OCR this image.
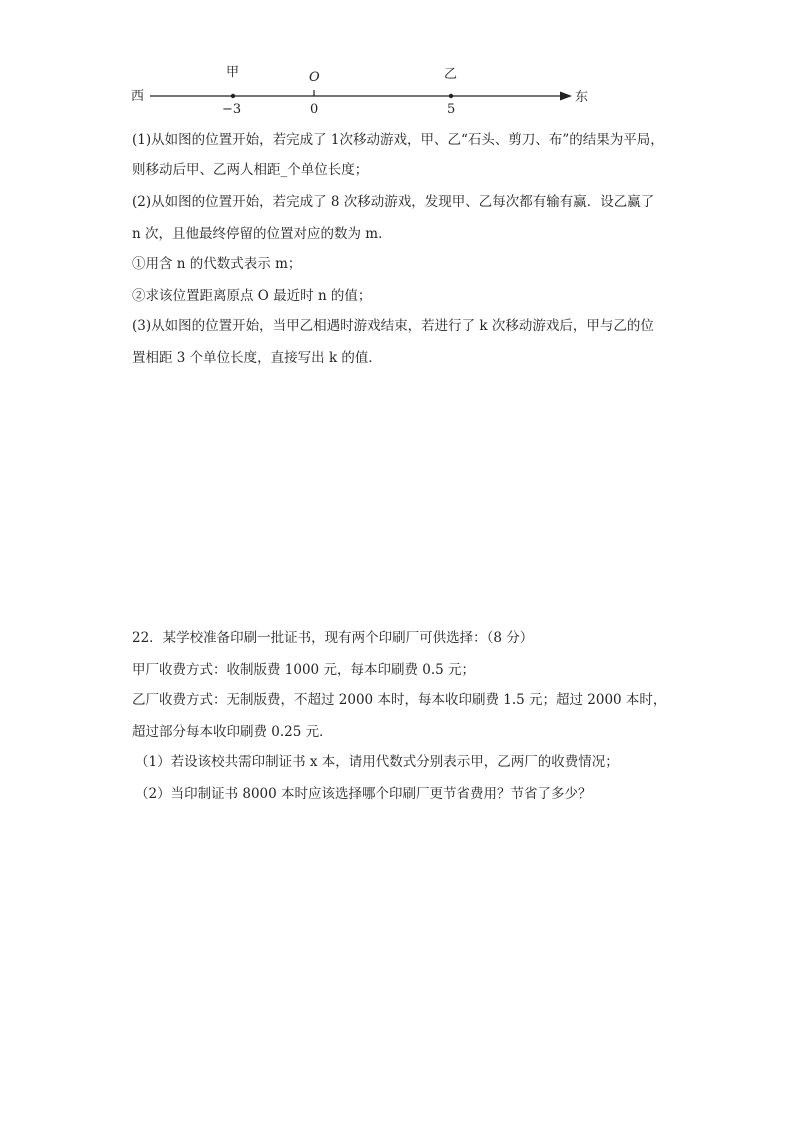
西	东
甲
−3
O
0
乙
5
(1)从如图的位置开始，若完成了 1次移动游戏，甲、乙“石头、剪刀、布”的结果为平局，
则移动后甲、乙两人相距_个单位长度；
(2)从如图的位置开始，若完成了 8 次移动游戏，发现甲、乙每次都有输有赢．设乙赢了
n 次，且他最终停留的位置对应的数为 m．
①用含 n 的代数式表示 m；
②求该位置距离原点 O 最近时 n 的值；
(3)从如图的位置开始，当甲乙相遇时游戏结束，若进行了 k 次移动游戏后，甲与乙的位
置相距 3 个单位长度，直接写出 k 的值．
22．某学校准备印刷一批证书，现有两个印刷厂可供选择：（8 分）
甲厂收费方式：收制版费 1000 元，每本印刷费 0.5 元；
乙厂收费方式：无制版费，不超过 2000 本时，每本收印刷费 1.5 元；超过 2000 本时，
超过部分每本收印刷费 0.25 元．
（1）若设该校共需印制证书 x 本，请用代数式分别表示甲，乙两厂的收费情况；
（2）当印制证书 8000 本时应该选择哪个印刷厂更节省费用？节省了多少？
